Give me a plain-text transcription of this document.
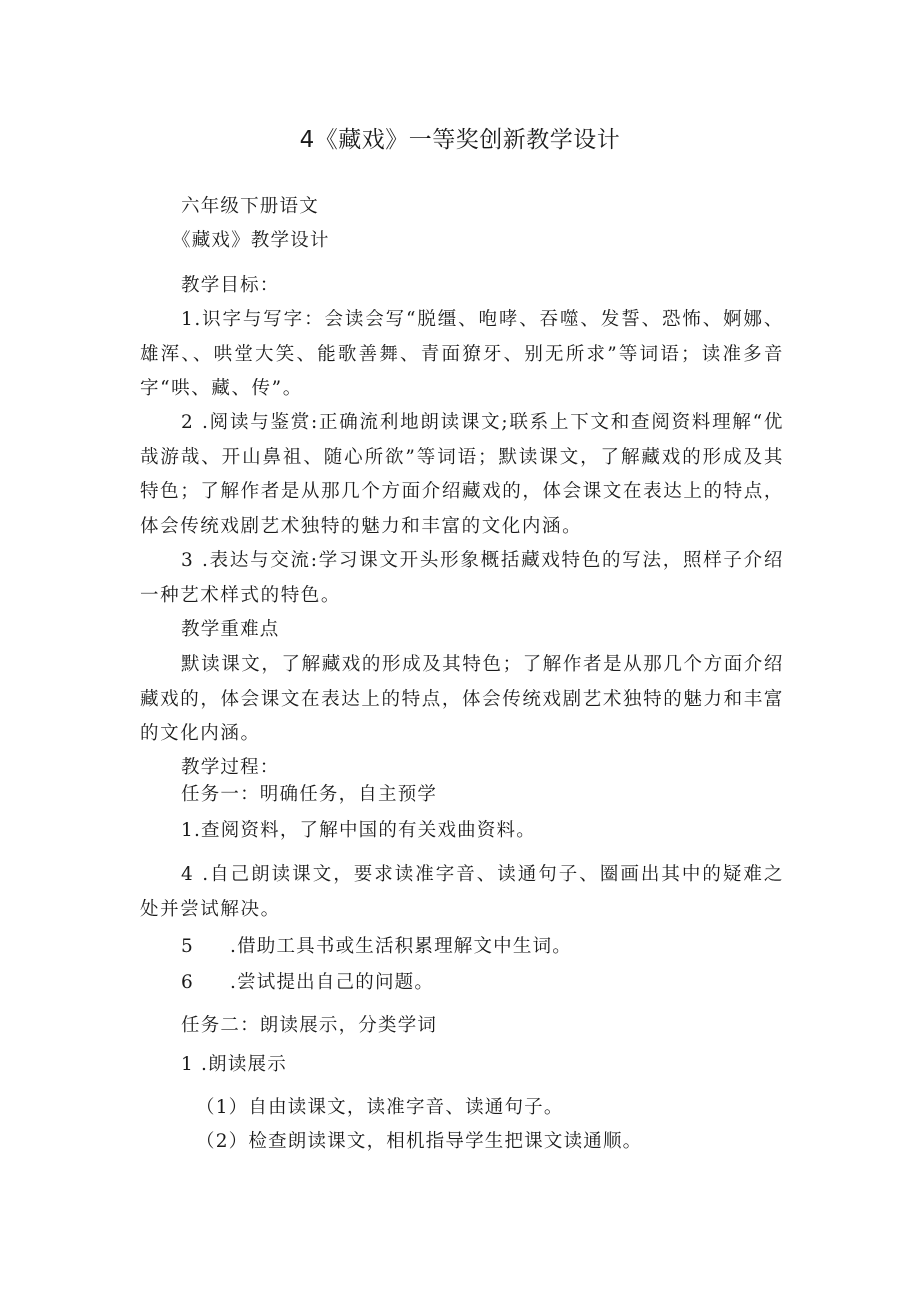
4《藏戏》一等奖创新教学设计

六年级下册语文

《藏戏》教学设计

教学目标：

1.识字与写字：会读会写“脱缰、咆哮、吞噬、发誓、恐怖、婀娜、雄浑、、哄堂大笑、能歌善舞、青面獠牙、别无所求”等词语；读准多音字“哄、藏、传”。

2 .阅读与鉴赏:正确流利地朗读课文;联系上下文和查阅资料理解“优哉游哉、开山鼻祖、随心所欲”等词语；默读课文，了解藏戏的形成及其特色；了解作者是从那几个方面介绍藏戏的，体会课文在表达上的特点，体会传统戏剧艺术独特的魅力和丰富的文化内涵。

3 .表达与交流:学习课文开头形象概括藏戏特色的写法，照样子介绍一种艺术样式的特色。

教学重难点

默读课文，了解藏戏的形成及其特色；了解作者是从那几个方面介绍藏戏的，体会课文在表达上的特点，体会传统戏剧艺术独特的魅力和丰富的文化内涵。

教学过程：

任务一：明确任务，自主预学

1.查阅资料，了解中国的有关戏曲资料。

4 .自己朗读课文，要求读准字音、读通句子、圈画出其中的疑难之处并尝试解决。

5 .借助工具书或生活积累理解文中生词。

6 .尝试提出自己的问题。

任务二：朗读展示，分类学词

1 .朗读展示

（1）自由读课文，读准字音、读通句子。

（2）检查朗读课文，相机指导学生把课文读通顺。
